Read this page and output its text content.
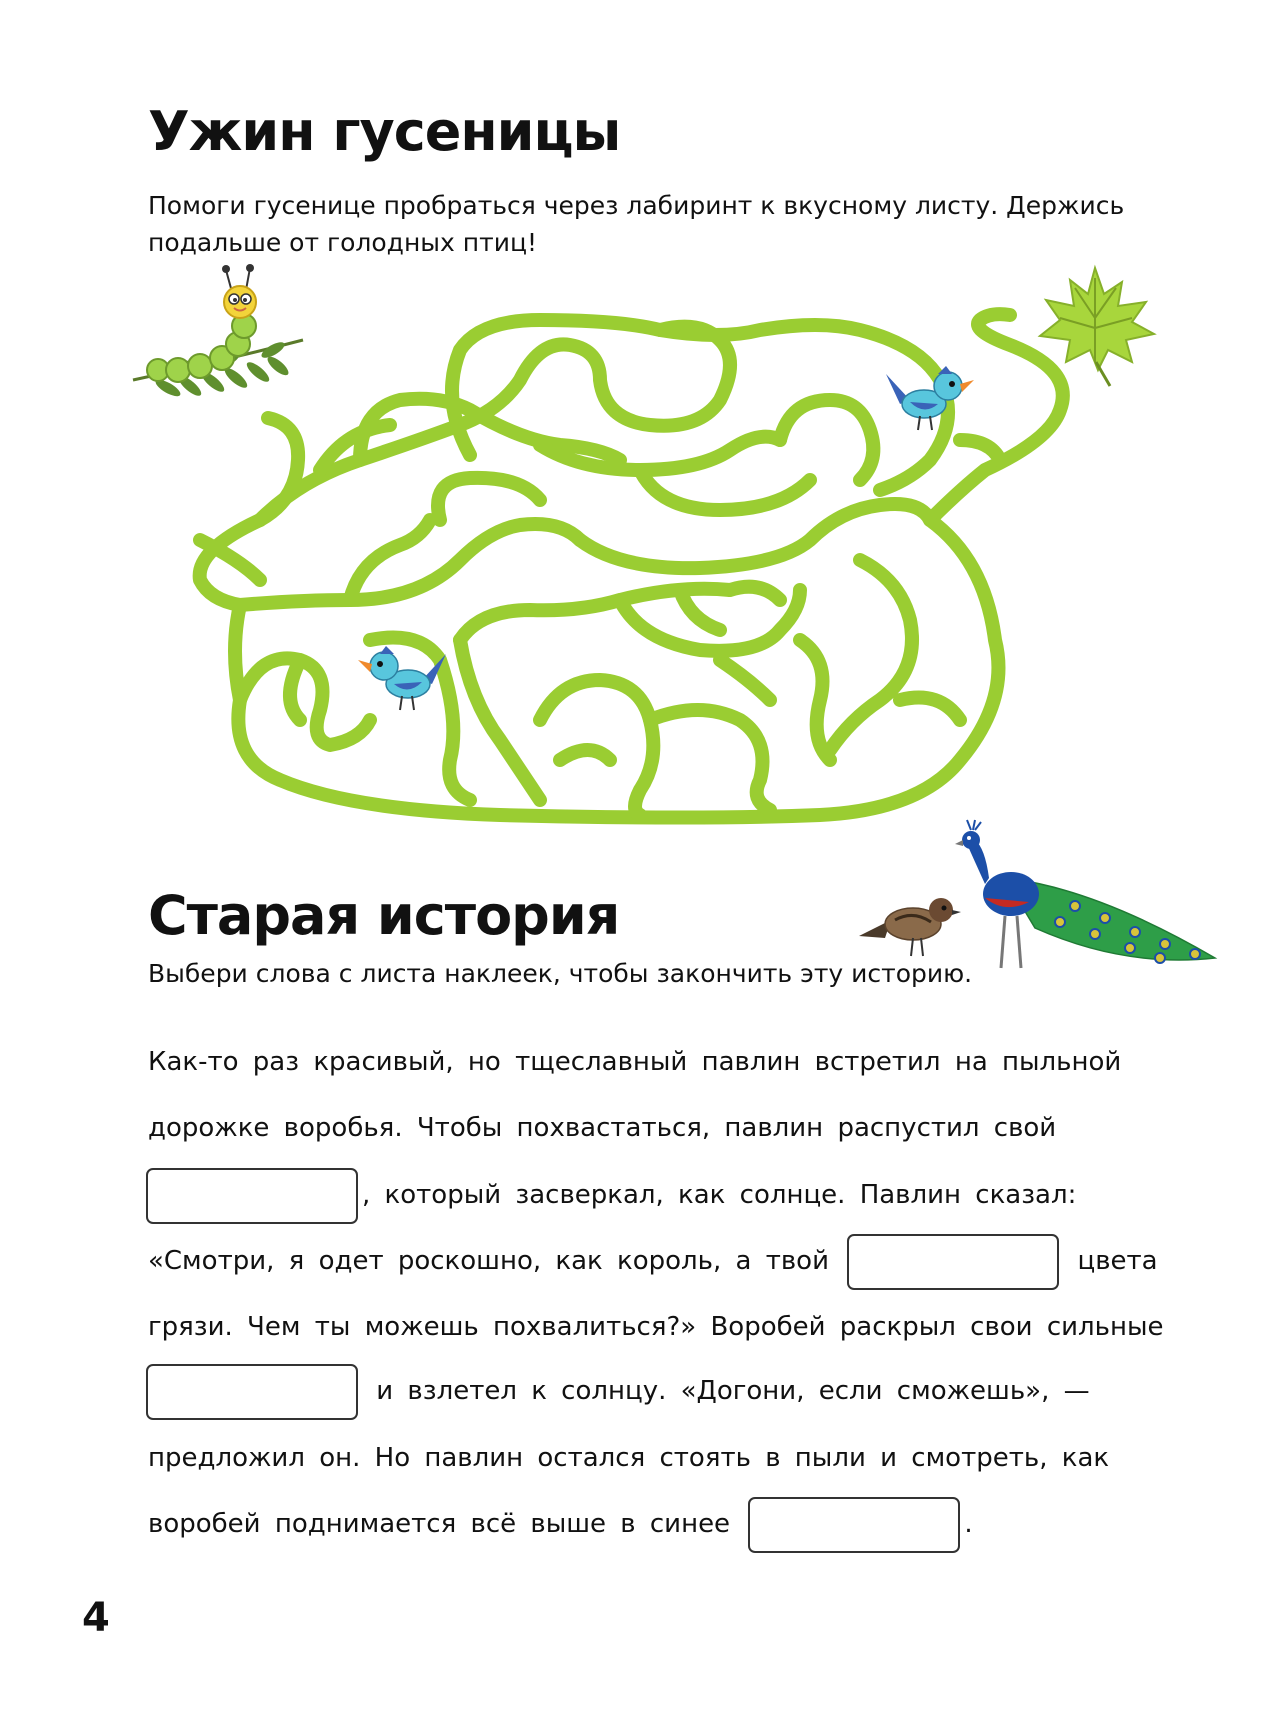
Ужин гусеницы
Помоги гусенице пробраться через лабиринт к вкусному листу. Держись
подальше от голодных птиц!
Старая история
Выбери слова с листа наклеек, чтобы закончить эту историю.
Как-то раз красивый, но тщеславный павлин встретил на пыльной
дорожке воробья. Чтобы похвастаться, павлин распустил свой
, который засверкал, как солнце. Павлин сказал:
«Смотри, я одет роскошно, как король, а твой	цвета
грязи. Чем ты можешь похвалиться?» Воробей раскрыл свои сильные
и взлетел к солнцу. «Догони, если сможешь», —
предложил он. Но павлин остался стоять в пыли и смотреть, как
воробей поднимается всё выше в синее	.
4
